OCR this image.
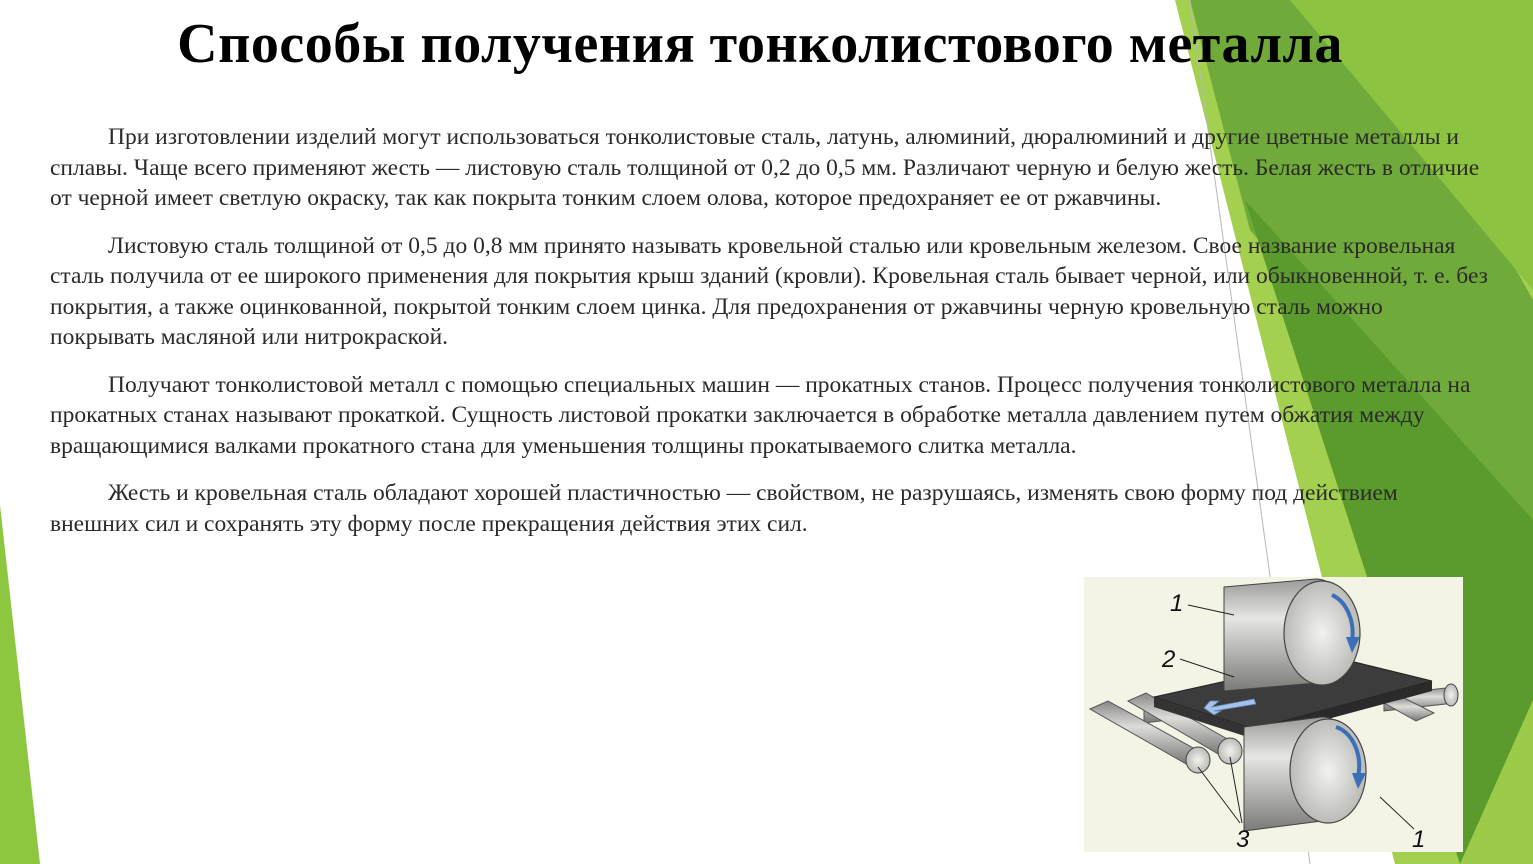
Способы получения тонколистового металла

При изготовлении изделий могут использоваться тонколистовые сталь, латунь, алюминий, дюралюминий и другие цветные металлы и сплавы. Чаще всего применяют жесть — листовую сталь толщиной от 0,2 до 0,5 мм. Различают черную и белую жесть. Белая жесть в отличие от черной имеет светлую окраску, так как покрыта тонким слоем олова, которое предохраняет ее от ржавчины.

Листовую сталь толщиной от 0,5 до 0,8 мм принято называть кровельной сталью или кровельным железом. Свое название кровельная сталь получила от ее широкого применения для покрытия крыш зданий (кровли). Кровельная сталь бывает черной, или обыкновенной, т. е. без покрытия, а также оцинкованной, покрытой тонким слоем цинка. Для предохранения от ржавчины черную кровельную сталь можно покрывать масляной или нитрокраской.

Получают тонколистовой металл с помощью специальных машин — прокатных станов. Процесс получения тонколистового металла на прокатных станах называют прокаткой. Сущность листовой прокатки заключается в обработке металла давлением путем обжатия между вращающимися валками прокатного стана для уменьшения толщины прокатываемого слитка металла.

Жесть и кровельная сталь обладают хорошей пластичностью — свойством, не разрушаясь, изменять свою форму под действием внешних сил и сохранять эту форму после прекращения действия этих сил.

1
2
3	1
